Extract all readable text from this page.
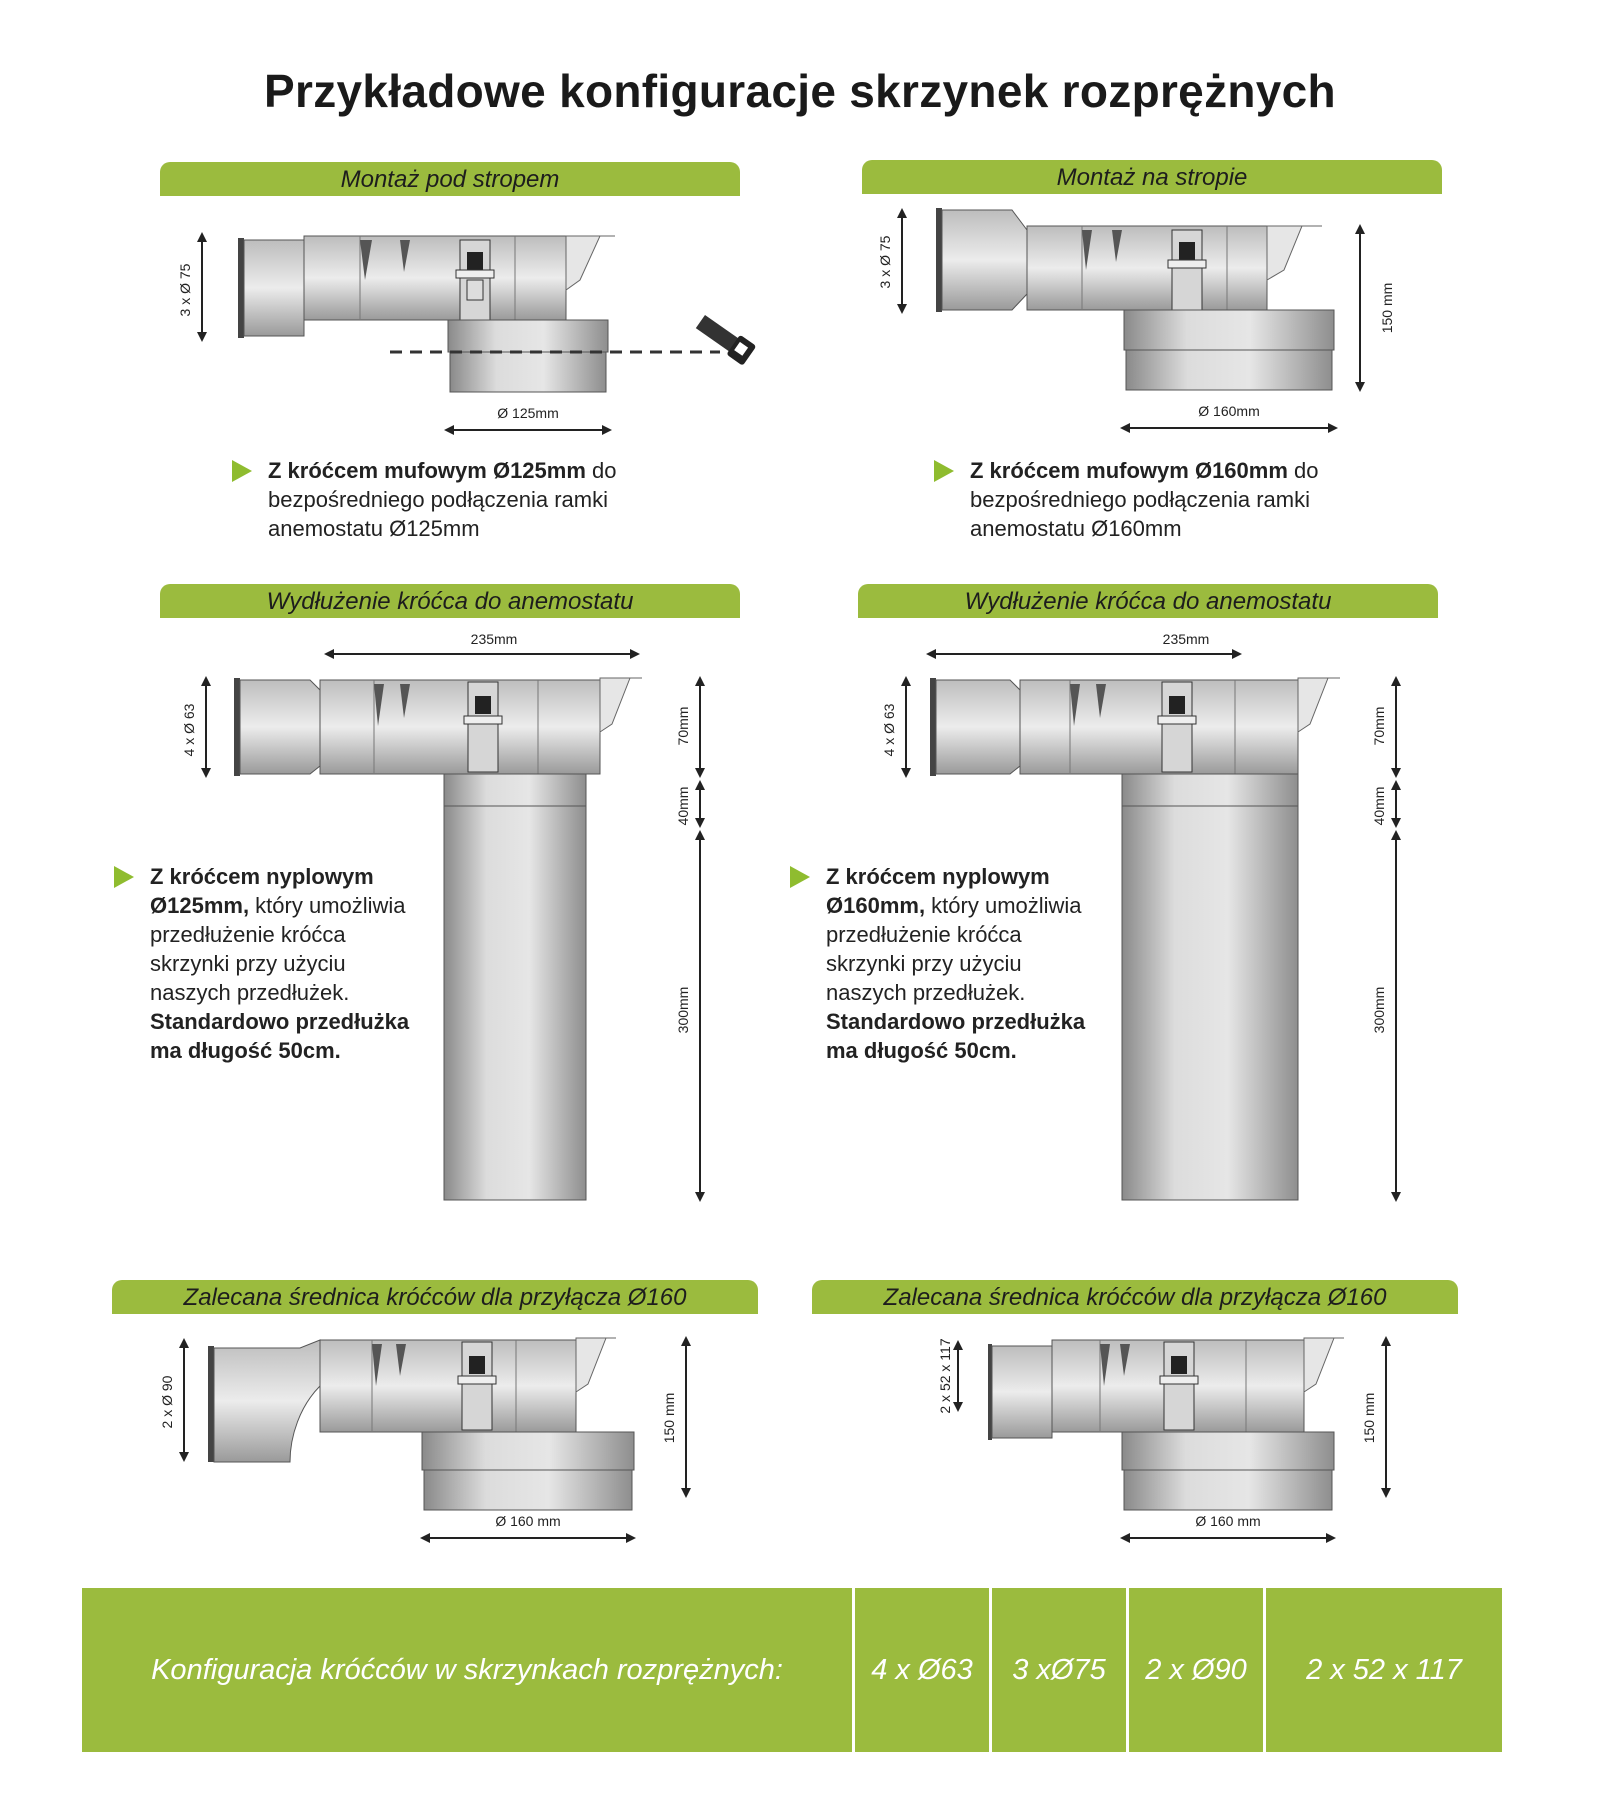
Przykładowe konfiguracje skrzynek rozprężnych
Montaż pod stropem
3 x Ø 75
Ø 125mm
Z króćcem mufowym Ø125mm do
bezpośredniego podłączenia ramki
anemostatu Ø125mm
Montaż na stropie
3 x Ø 75
150 mm
Ø 160mm
Z króćcem mufowym Ø160mm do
bezpośredniego podłączenia ramki
anemostatu Ø160mm
Wydłużenie króćca do anemostatu
235mm
4 x Ø 63	70mm
40mm
300mm
Z króćcem nyplowym
Ø125mm, który umożliwia
przedłużenie króćca
skrzynki przy użyciu
naszych przedłużek.
Standardowo przedłużka
ma długość 50cm.
Wydłużenie króćca do anemostatu
235mm
4 x Ø 63	70mm
40mm
300mm
Z króćcem nyplowym
Ø160mm, który umożliwia
przedłużenie króćca
skrzynki przy użyciu
naszych przedłużek.
Standardowo przedłużka
ma długość 50cm.
Zalecana średnica króćców dla przyłącza Ø160
2 x Ø 90	150 mm
Ø 160 mm
Zalecana średnica króćców dla przyłącza Ø160
2 x 52 x 117
150 mm
Ø 160 mm
Konfiguracja króćców w skrzynkach rozprężnych:	4 x Ø63	3 xØ75	2 x Ø90	2 x 52 x 117
